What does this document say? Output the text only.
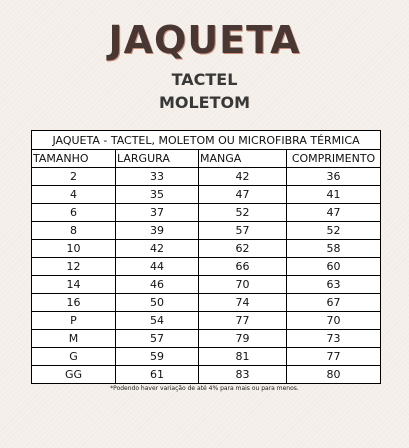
JAQUETA
TACTEL
MOLETOM
JAQUETA - TACTEL, MOLETOM OU MICROFIBRA TÉRMICA			
TAMANHO	LARGURA	MANGA	COMPRIMENTO
2	33	42	36
4	35	47	41
6	37	52	47
8	39	57	52
10	42	62	58
12	44	66	60
14	46	70	63
16	50	74	67
P	54	77	70
M	57	79	73
G	59	81	77
GG	61	83	80
*Podendo haver variação de até 4% para mais ou para menos.
